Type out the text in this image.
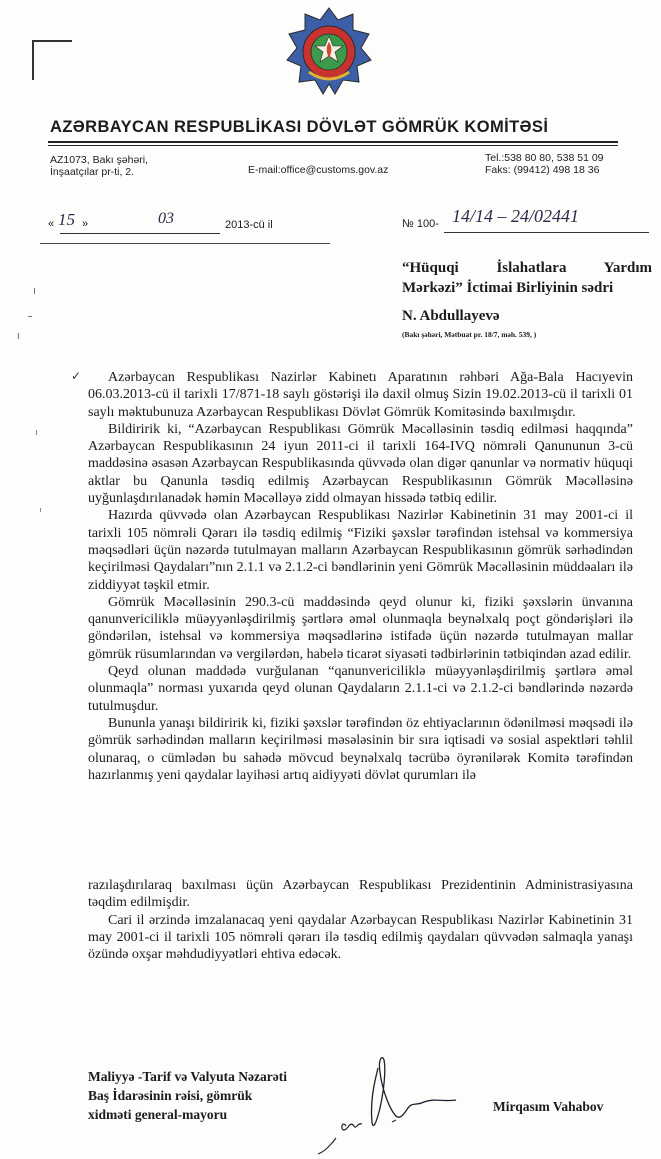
AZƏRBAYCAN RESPUBLİKASI DÖVLƏT GÖMRÜK KOMİTƏSİ
AZ1073, Bakı şəhəri,
İnşaatçılar pr-ti, 2.	E-mail:office@customs.gov.az
Tel.:538 80 80, 538 51 09
Faks: (99412) 498 18 36
« 15 »	03	2013-cü il	№ 100- 14/14 – 24/02441
“Hüquqi İslahatlara Yardım
Mərkəzi” İctimai Birliyinin sədri
N. Abdullayevə
(Bakı şəhəri, Mətbuat pr. 18/7, məh. 539, )
✓	Azərbaycan Respublikası Nazirlər Kabinetı Aparatının rəhbəri Ağa-Bala Hacıyevin 06.03.2013-cü il tarixli 17/871-18 saylı göstərişi ilə daxil olmuş Sizin 19.02.2013-cü il tarixli 01 saylı məktubunuza Azərbaycan Respublikası Dövlət Gömrük Komitəsində baxılmışdır.

Bildiririk ki, “Azərbaycan Respublikası Gömrük Məcəlləsinin təsdiq edilməsi haqqında” Azərbaycan Respublikasının 24 iyun 2011-ci il tarixli 164-IVQ nömrəli Qanununun 3-cü maddəsinə əsasən Azərbaycan Respublikasında qüvvədə olan digər qanunlar və normativ hüquqi aktlar bu Qanunla təsdiq edilmiş Azərbaycan Respublikasının Gömrük Məcəlləsinə uyğunlaşdırılanadək həmin Məcəlləyə zidd olmayan hissədə tətbiq edilir.

Hazırda qüvvədə olan Azərbaycan Respublikası Nazirlər Kabinetinin 31 may 2001-ci il tarixli 105 nömrəli Qərarı ilə təsdiq edilmiş “Fiziki şəxslər tərəfindən istehsal və kommersiya məqsədləri üçün nəzərdə tutulmayan malların Azərbaycan Respublikasının gömrük sərhədindən keçirilməsi Qaydaları”nın 2.1.1 və 2.1.2-ci bəndlərinin yeni Gömrük Məcəlləsinin müddəaları ilə ziddiyyət təşkil etmir.

Gömrük Məcəlləsinin 290.3-cü maddəsində qeyd olunur ki, fiziki şəxslərin ünvanına qanunvericiliklə müəyyənləşdirilmiş şərtlərə əməl olunmaqla beynəlxalq poçt göndərişləri ilə göndərilən, istehsal və kommersiya məqsədlərinə istifadə üçün nəzərdə tutulmayan mallar gömrük rüsumlarından və vergilərdən, habelə ticarət siyasəti tədbirlərinin tətbiqindən azad edilir.

Qeyd olunan maddədə vurğulanan “qanunvericiliklə müəyyənləşdirilmiş şərtlərə əməl olunmaqla” norması yuxarıda qeyd olunan Qaydaların 2.1.1-ci və 2.1.2-ci bəndlərində nəzərdə tutulmuşdur.

Bununla yanaşı bildiririk ki, fiziki şəxslər tərəfindən öz ehtiyaclarının ödənilməsi məqsədi ilə gömrük sərhədindən malların keçirilməsi məsələsinin bir sıra iqtisadi və sosial aspektləri təhlil olunaraq, o cümlədən bu sahədə mövcud beynəlxalq təcrübə öyrənilərək Komitə tərəfindən hazırlanmış yeni qaydalar layihəsi artıq aidiyyəti dövlət qurumları ilə

razılaşdırılaraq baxılması üçün Azərbaycan Respublikası Prezidentinin Administrasiyasına təqdim edilmişdir.

Cari il ərzində imzalanacaq yeni qaydalar Azərbaycan Respublikası Nazirlər Kabinetinin 31 may 2001-ci il tarixli 105 nömrəli qərarı ilə təsdiq edilmiş qaydaları qüvvədən salmaqla yanaşı özündə oxşar məhdudiyyətləri ehtiva edəcək.

Maliyyə -Tarif və Valyuta Nəzarəti
Baş İdarəsinin rəisi, gömrük
xidməti general-mayoru
Mirqasım Vahabov
